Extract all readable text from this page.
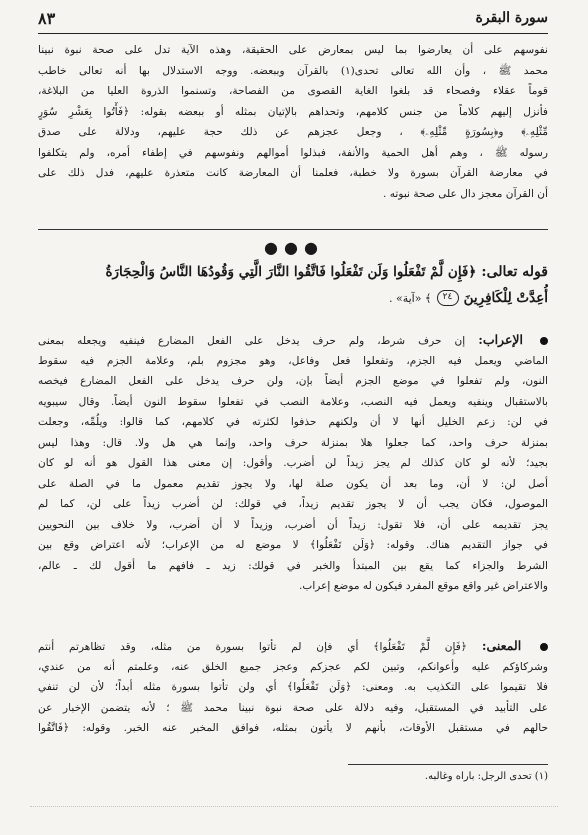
سورة البقرة
٨٣
نفوسهم على أن يعارضوا بما ليس بمعارض على الحقيقة، وهذه الآية تدل على صحة نبوة نبينا
محمد ﷺ ، وأن الله تعالى تحدى(١) بالقرآن وببعضه. ووجه الاستدلال بها أنه تعالى خاطب
قوماً عقلاء وفصحاء قد بلغوا الغاية القصوى من الفصاحة، وتسنموا الذروة العليا من البلاغة،
فأنزل إليهم كلاماً من جنس كلامهم، وتحداهم بالإتيان بمثله أو ببعضه بقوله: ﴿فَأْتُوا بِعَشْرِ سُوَرٍ
مِّثْلِهِۦ﴾ و﴿بِسُورَةٍ مِّثْلِهِۦ﴾ ، وجعل عجزهم عن ذلك حجة عليهم، ودلالة على صدق
رسوله ﷺ ، وهم أهل الحمية والأنفة، فبذلوا أموالهم ونفوسهم في إطفاء أمره، ولم يتكلفوا
في معارضة القرآن بسورة ولا خطبة، فعلمنا أن المعارضة كانت متعذرة عليهم، فدل ذلك على
أن القرآن معجز دال على صحة نبوته .
●●●
قوله تعالى: ﴿فَإِن لَّمْ تَفْعَلُوا وَلَن تَفْعَلُوا فَاتَّقُوا النَّارَ الَّتِي وَقُودُهَا النَّاسُ وَالْحِجَارَةُ
أُعِدَّتْ لِلْكَافِرِينَ ٢٤ ﴾ «آية» .
الإعراب: إن حرف شرط، ولم حرف يدخل على الفعل المضارع فينفيه ويجعله بمعنى
الماضي ويعمل فيه الجزم، وتفعلوا فعل وفاعل، وهو مجزوم بلم، وعلامة الجزم فيه سقوط
النون، ولم تفعلوا في موضع الجزم أيضاً بإن، ولن حرف يدخل على الفعل المضارع فيخصه
بالاستقبال وينفيه ويعمل فيه النصب، وعلامة النصب في تفعلوا سقوط النون أيضاً. وقال سيبويه
في لن: زعم الخليل أنها لا أن ولكنهم حذفوا لكثرته في كلامهم، كما قالوا: ويلُمِّه، وجعلت
بمنزلة حرف واحد، كما جعلوا هلا بمنزلة حرف واحد، وإنما هي هل ولا. قال: وهذا ليس
بجيد؛ لأنه لو كان كذلك لم يجز زيداً لن أضرب. وأقول: إن معنى هذا القول هو أنه لو كان
أصل لن: لا أن، وما بعد أن يكون صلة لها، ولا يجوز تقديم معمول ما في الصلة على
الموصول، فكان يجب أن لا يجوز تقديم زيداً، في قولك: لن أضرب زيداً على لن، كما لم
يجز تقديمه على أن، فلا تقول: زيداً أن أضرب، وزيداً لا أن أضرب، ولا خلاف بين النحويين
في جواز التقديم هناك. وقوله: ﴿وَلَن تَفْعَلُوا﴾ لا موضع له من الإعراب؛ لأنه اعتراض وقع بين
الشرط والجزاء كما يقع بين المبتدأ والخبر في قولك: زيد ـ فافهم ما أقول لك ـ عالم،
والاعتراض غير واقع موقع المفرد فيكون له موضع إعراب.
المعنى: ﴿فَإِن لَّمْ تَفْعَلُوا﴾ أي فإن لم تأتوا بسورة من مثله، وقد تظاهرتم أنتم
وشركاؤكم عليه وأعوانكم، وتبين لكم عجزكم وعجز جميع الخلق عنه، وعلمتم أنه من عندي،
فلا تقيموا على التكذيب به. ومعنى: ﴿وَلَن تَفْعَلُوا﴾ أي ولن تأتوا بسورة مثله أبداً؛ لأن لن تنفي
على التأبيد في المستقبل، وفيه دلالة على صحة نبوة نبينا محمد ﷺ ؛ لأنه يتضمن الإخبار عن
حالهم في مستقبل الأوقات، بأنهم لا يأتون بمثله، فوافق المخبر عنه الخبر. وقوله: ﴿فَاتَّقُوا
(١) تحدى الرجل: باراه وغالبه.
